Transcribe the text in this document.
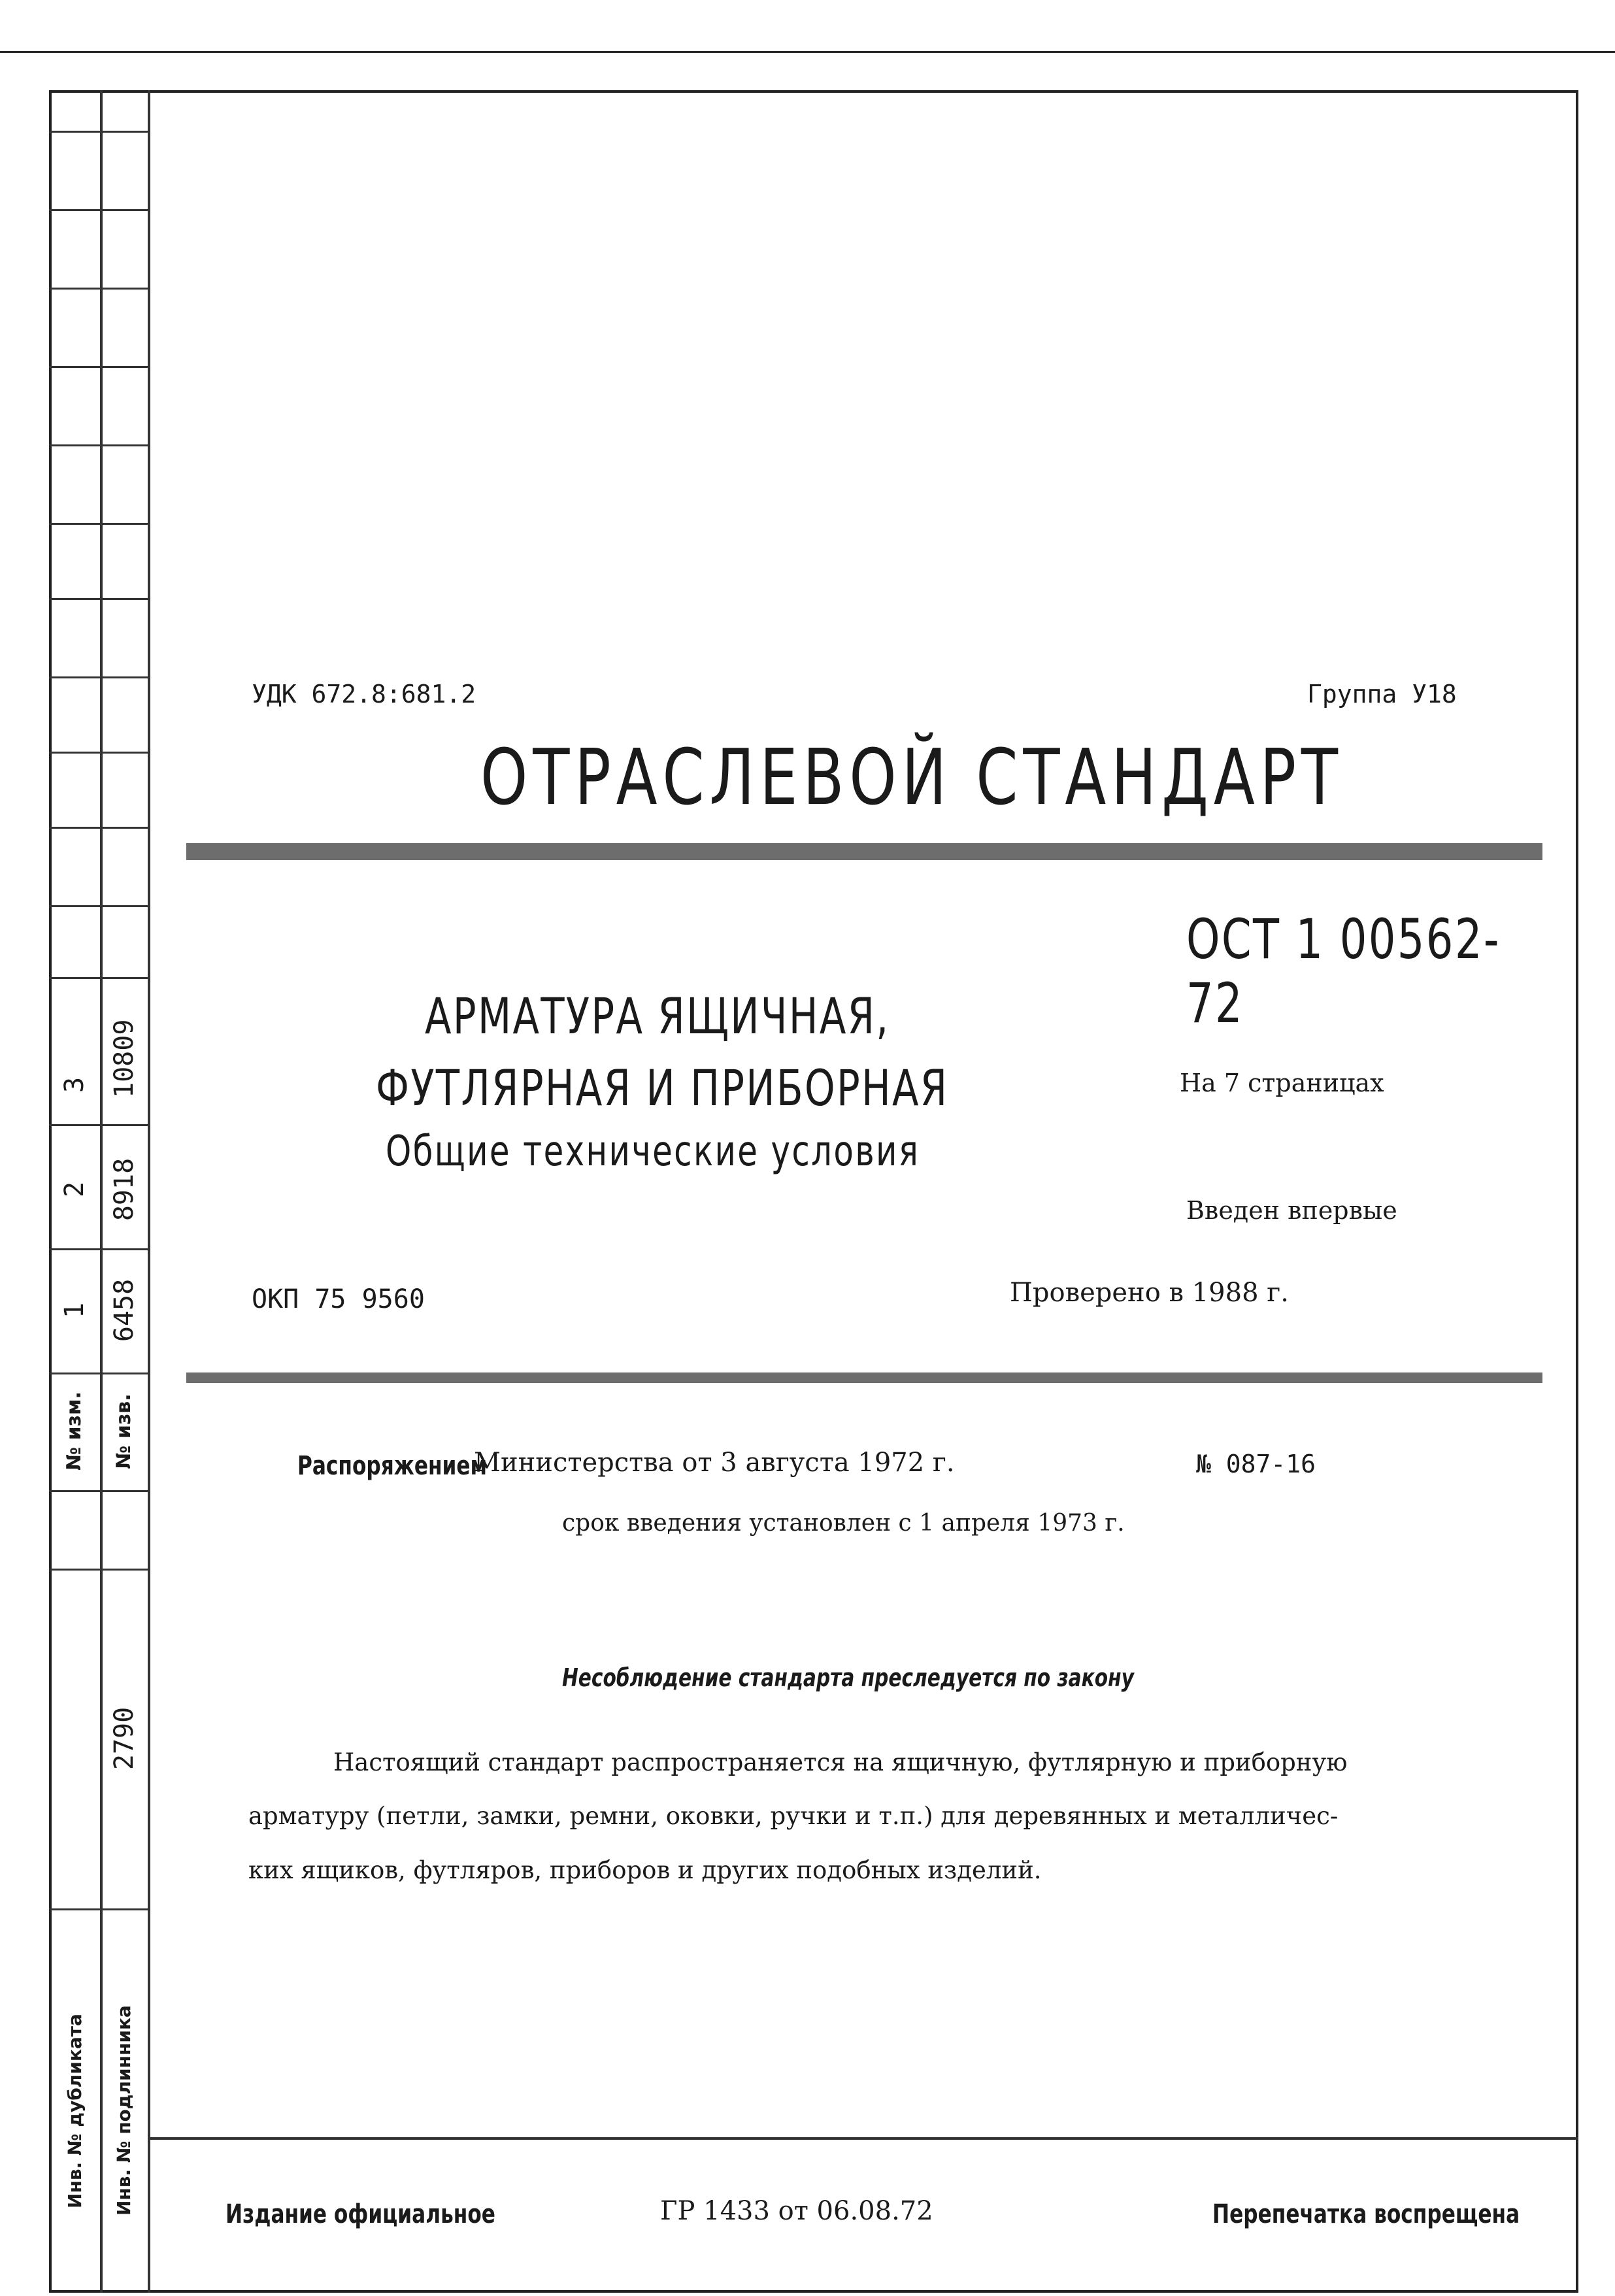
3 10809
2 8918
1 6458
№ изм.	№ изв.
2790
Инв. № дубликата	Инв. № подлинника
УДК 672.8:681.2	Группа У18
ОТРАСЛЕВОЙ СТАНДАРТ
ОСТ 1 00562-72
АРМАТУРА ЯЩИЧНАЯ,
ФУТЛЯРНАЯ И ПРИБОРНАЯ
Общие технические условия
На 7 страницах
Введен впервые
ОКП 75 9560	Проверено в 1988 г.
Распоряжением
Министерства от 3 августа 1972 г.	№ 087-16
срок введения установлен с 1 апреля 1973 г.
Несоблюдение стандарта преследуется по закону
Настоящий стандарт распространяется на ящичную, футлярную и приборную
арматуру (петли, замки, ремни, оковки, ручки и т.п.) для деревянных и металличес-
ких ящиков, футляров, приборов и других подобных изделий.
Издание официальное	ГР 1433 от 06.08.72	Перепечатка воспрещена
